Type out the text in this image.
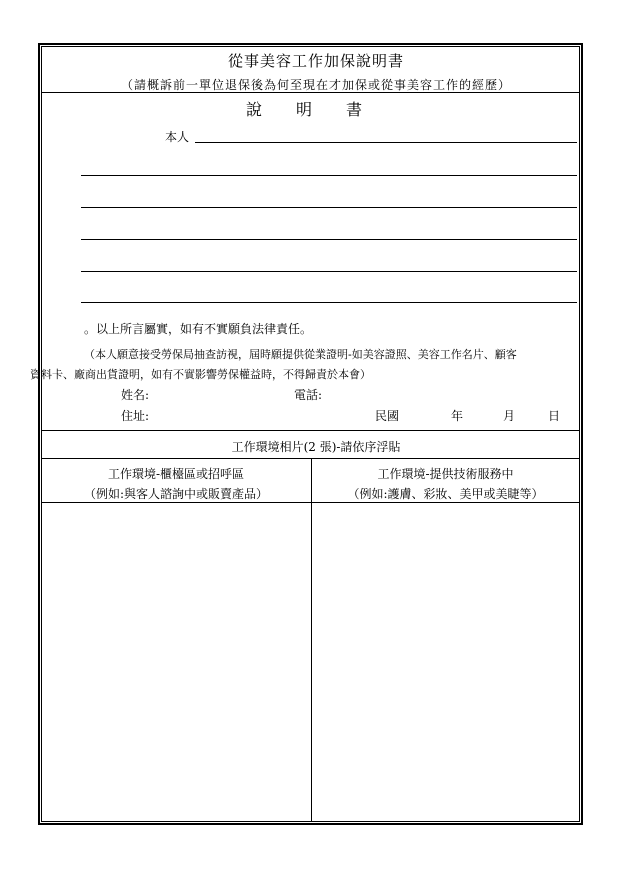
從事美容工作加保說明書
（請概訴前一單位退保後為何至現在才加保或從事美容工作的經歷）
說 明 書
本人
。以上所言屬實，如有不實願負法律責任。
（本人願意接受勞保局抽查訪視，屆時願提供從業證明-如美容證照、美容工作名片、顧客
資料卡、廠商出貨證明，如有不實影響勞保權益時，不得歸責於本會）
姓名:	電話:
住址:	民國	年	月	日
工作環境相片(2 張)-請依序浮貼
工作環境-櫃檯區或招呼區
（例如:與客人諮詢中或販賣產品）
工作環境-提供技術服務中
（例如:護膚、彩妝、美甲或美睫等）
